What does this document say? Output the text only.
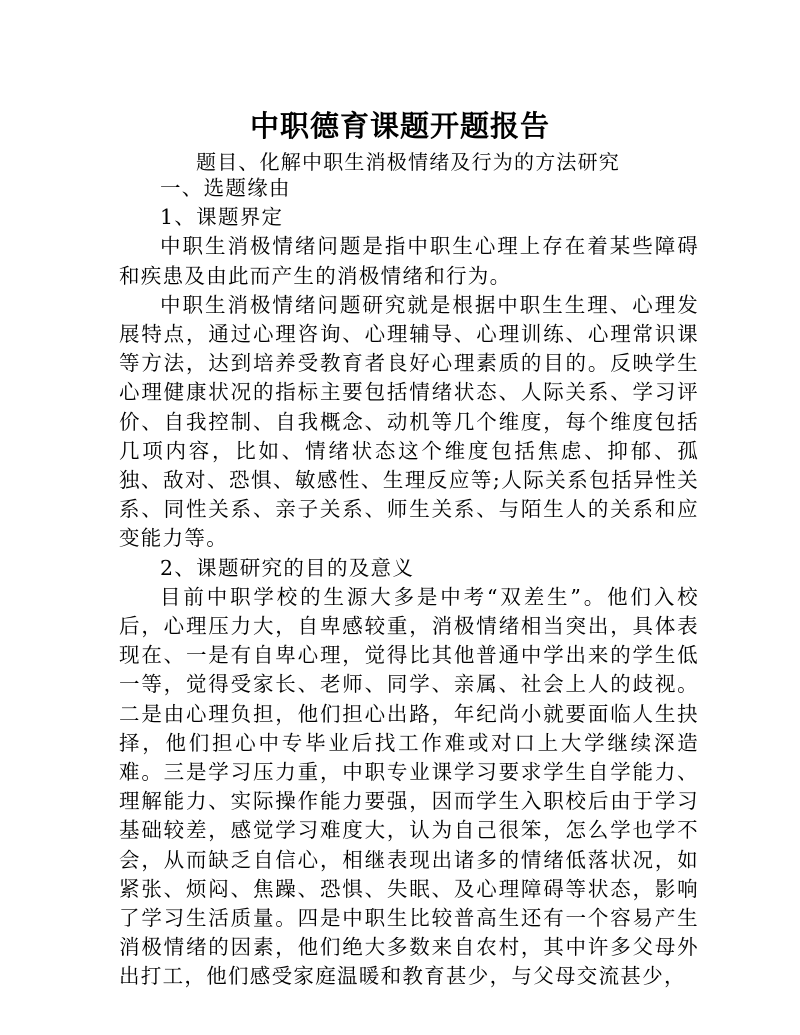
中职德育课题开题报告
题目、化解中职生消极情绪及行为的方法研究

一、选题缘由

1、课题界定

中职生消极情绪问题是指中职生心理上存在着某些障碍和疾患及由此而产生的消极情绪和行为。

中职生消极情绪问题研究就是根据中职生生理、心理发展特点，通过心理咨询、心理辅导、心理训练、心理常识课等方法，达到培养受教育者良好心理素质的目的。反映学生心理健康状况的指标主要包括情绪状态、人际关系、学习评价、自我控制、自我概念、动机等几个维度，每个维度包括几项内容，比如、情绪状态这个维度包括焦虑、抑郁、孤独、敌对、恐惧、敏感性、生理反应等;人际关系包括异性关系、同性关系、亲子关系、师生关系、与陌生人的关系和应变能力等。

2、课题研究的目的及意义

目前中职学校的生源大多是中考“双差生”。他们入校后，心理压力大，自卑感较重，消极情绪相当突出，具体表现在、一是有自卑心理，觉得比其他普通中学出来的学生低一等，觉得受家长、老师、同学、亲属、社会上人的歧视。二是由心理负担，他们担心出路，年纪尚小就要面临人生抉择，他们担心中专毕业后找工作难或对口上大学继续深造难。三是学习压力重，中职专业课学习要求学生自学能力、理解能力、实际操作能力要强，因而学生入职校后由于学习基础较差，感觉学习难度大，认为自己很笨，怎么学也学不会，从而缺乏自信心，相继表现出诸多的情绪低落状况，如紧张、烦闷、焦躁、恐惧、失眠、及心理障碍等状态，影响了学习生活质量。四是中职生比较普高生还有一个容易产生消极情绪的因素，他们绝大多数来自农村，其中许多父母外出打工，他们感受家庭温暖和教育甚少，与父母交流甚少，
